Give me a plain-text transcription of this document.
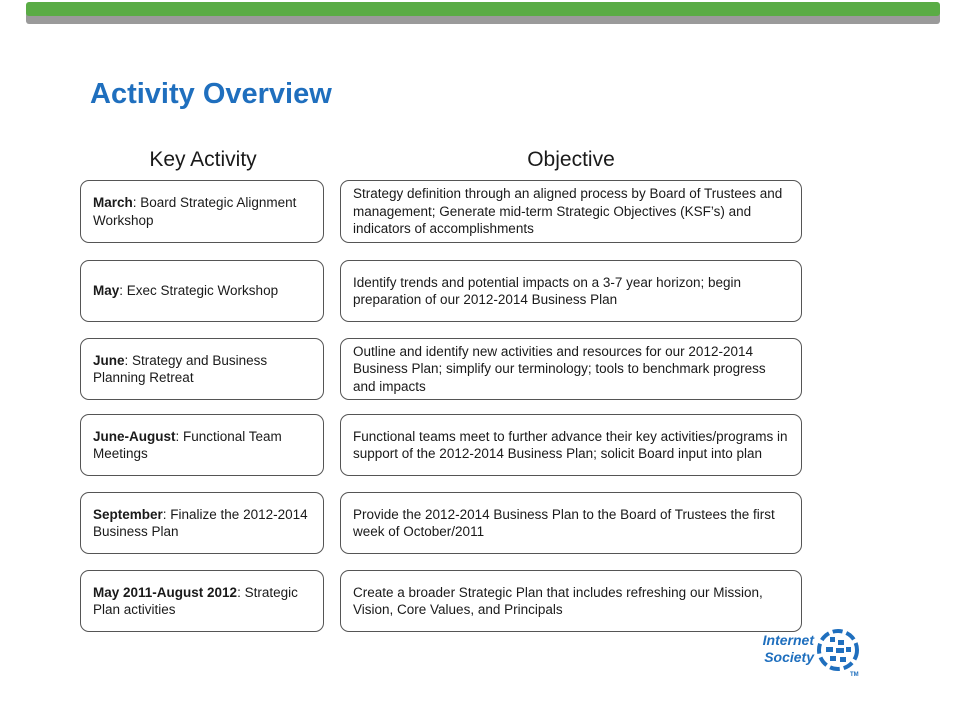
Activity Overview
Key Activity	Objective
March: Board Strategic Alignment Workshop
Strategy definition through an aligned process by Board of Trustees and management; Generate mid-term Strategic Objectives (KSF’s) and indicators of accomplishments
May: Exec Strategic Workshop
Identify trends and potential impacts on a 3-7 year horizon; begin preparation of our 2012-2014 Business Plan
June: Strategy and Business Planning Retreat
Outline and identify new activities and resources for our 2012-2014 Business Plan; simplify our terminology; tools to benchmark progress and impacts
June-August: Functional Team Meetings
Functional teams meet to further advance their key activities/programs in support of the 2012-2014 Business Plan; solicit Board input into plan
September: Finalize the 2012-2014 Business Plan
Provide the 2012-2014 Business Plan to the Board of Trustees the first week of October/2011
May 2011-August 2012: Strategic Plan activities
Create a broader Strategic Plan that includes refreshing our Mission, Vision, Core Values, and Principals
Internet
Society
TM
